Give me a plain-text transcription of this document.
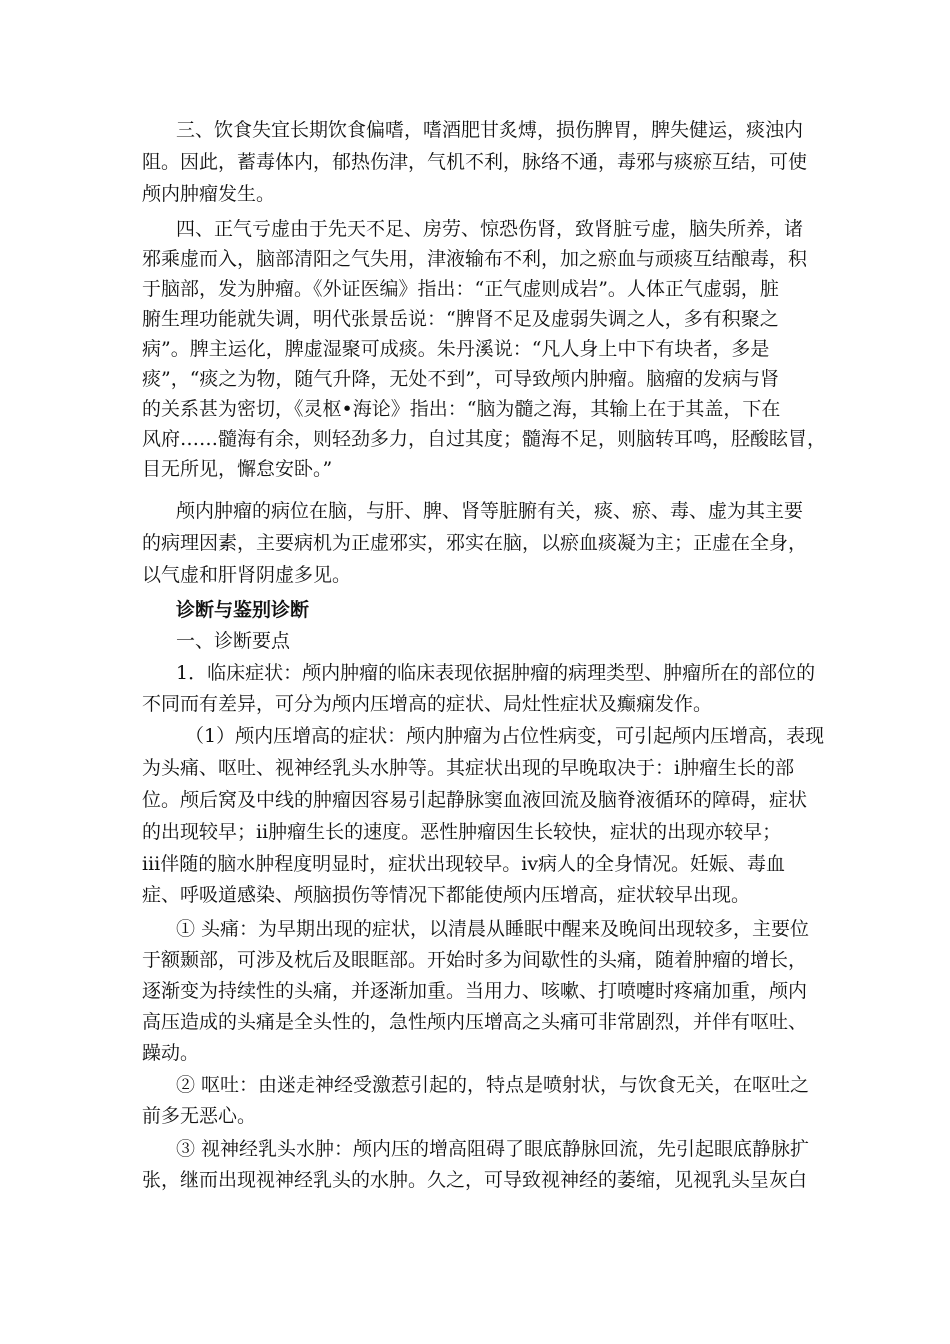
三、饮食失宜长期饮食偏嗜，嗜酒肥甘炙煿，损伤脾胃，脾失健运，痰浊内
阻。因此，蓄毒体内，郁热伤津，气机不利，脉络不通，毒邪与痰瘀互结，可使
颅内肿瘤发生。
四、正气亏虚由于先天不足、房劳、惊恐伤肾，致肾脏亏虚，脑失所养，诸
邪乘虚而入，脑部清阳之气失用，津液输布不利，加之瘀血与顽痰互结酿毒，积
于脑部，发为肿瘤。《外证医编》指出：“正气虚则成岩”。人体正气虚弱，脏
腑生理功能就失调，明代张景岳说：“脾肾不足及虚弱失调之人，多有积聚之
病”。脾主运化，脾虚湿聚可成痰。朱丹溪说：“凡人身上中下有块者，多是
痰”，“痰之为物，随气升降，无处不到”，可导致颅内肿瘤。脑瘤的发病与肾
的关系甚为密切，《灵枢•海论》指出：“脑为髓之海，其输上在于其盖，下在
风府……髓海有余，则轻劲多力，自过其度；髓海不足，则脑转耳鸣，胫酸眩冒，
目无所见，懈怠安卧。”
颅内肿瘤的病位在脑，与肝、脾、肾等脏腑有关，痰、瘀、毒、虚为其主要
的病理因素，主要病机为正虚邪实，邪实在脑，以瘀血痰凝为主；正虚在全身，
以气虚和肝肾阴虚多见。
诊断与鉴别诊断
一、诊断要点
1．临床症状：颅内肿瘤的临床表现依据肿瘤的病理类型、肿瘤所在的部位的
不同而有差异，可分为颅内压增高的症状、局灶性症状及癫痫发作。
（1）颅内压增高的症状：颅内肿瘤为占位性病变，可引起颅内压增高，表现
为头痛、呕吐、视神经乳头水肿等。其症状出现的早晚取决于：ⅰ肿瘤生长的部
位。颅后窝及中线的肿瘤因容易引起静脉窦血液回流及脑脊液循环的障碍，症状
的出现较早；ⅱ肿瘤生长的速度。恶性肿瘤因生长较快，症状的出现亦较早；
ⅲ伴随的脑水肿程度明显时，症状出现较早。ⅳ病人的全身情况。妊娠、毒血
症、呼吸道感染、颅脑损伤等情况下都能使颅内压增高，症状较早出现。
① 头痛：为早期出现的症状，以清晨从睡眠中醒来及晚间出现较多，主要位
于额颞部，可涉及枕后及眼眶部。开始时多为间歇性的头痛，随着肿瘤的增长，
逐渐变为持续性的头痛，并逐渐加重。当用力、咳嗽、打喷嚏时疼痛加重，颅内
高压造成的头痛是全头性的，急性颅内压增高之头痛可非常剧烈，并伴有呕吐、
躁动。
② 呕吐：由迷走神经受激惹引起的，特点是喷射状，与饮食无关，在呕吐之
前多无恶心。
③ 视神经乳头水肿：颅内压的增高阻碍了眼底静脉回流，先引起眼底静脉扩
张，继而出现视神经乳头的水肿。久之，可导致视神经的萎缩，见视乳头呈灰白
